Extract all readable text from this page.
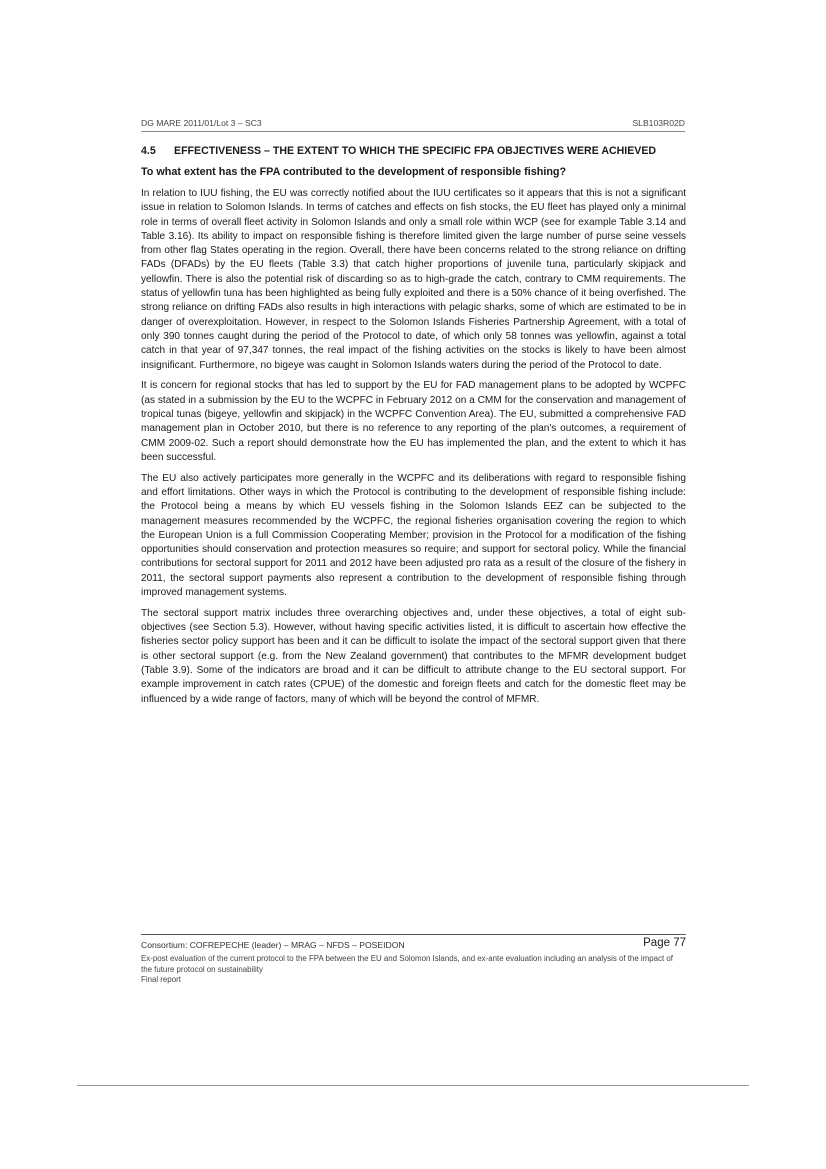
DG MARE 2011/01/Lot 3 – SC3	SLB103R02D
4.5 EFFECTIVENESS – THE EXTENT TO WHICH THE SPECIFIC FPA OBJECTIVES WERE ACHIEVED
To what extent has the FPA contributed to the development of responsible fishing?

In relation to IUU fishing, the EU was correctly notified about the IUU certificates so it appears that this is not a significant issue in relation to Solomon Islands. In terms of catches and effects on fish stocks, the EU fleet has played only a minimal role in terms of overall fleet activity in Solomon Islands and only a small role within WCP (see for example Table 3.14 and Table 3.16). Its ability to impact on responsible fishing is therefore limited given the large number of purse seine vessels from other flag States operating in the region. Overall, there have been concerns related to the strong reliance on drifting FADs (DFADs) by the EU fleets (Table 3.3) that catch higher proportions of juvenile tuna, particularly skipjack and yellowfin. There is also the potential risk of discarding so as to high-grade the catch, contrary to CMM requirements. The status of yellowfin tuna has been highlighted as being fully exploited and there is a 50% chance of it being overfished. The strong reliance on drifting FADs also results in high interactions with pelagic sharks, some of which are estimated to be in danger of overexploitation. However, in respect to the Solomon Islands Fisheries Partnership Agreement, with a total of only 390 tonnes caught during the period of the Protocol to date, of which only 58 tonnes was yellowfin, against a total catch in that year of 97,347 tonnes, the real impact of the fishing activities on the stocks is likely to have been almost insignificant. Furthermore, no bigeye was caught in Solomon Islands waters during the period of the Protocol to date.

It is concern for regional stocks that has led to support by the EU for FAD management plans to be adopted by WCPFC (as stated in a submission by the EU to the WCPFC in February 2012 on a CMM for the conservation and management of tropical tunas (bigeye, yellowfin and skipjack) in the WCPFC Convention Area). The EU, submitted a comprehensive FAD management plan in October 2010, but there is no reference to any reporting of the plan's outcomes, a requirement of CMM 2009-02. Such a report should demonstrate how the EU has implemented the plan, and the extent to which it has been successful.

The EU also actively participates more generally in the WCPFC and its deliberations with regard to responsible fishing and effort limitations. Other ways in which the Protocol is contributing to the development of responsible fishing include: the Protocol being a means by which EU vessels fishing in the Solomon Islands EEZ can be subjected to the management measures recommended by the WCPFC, the regional fisheries organisation covering the region to which the European Union is a full Commission Cooperating Member; provision in the Protocol for a modification of the fishing opportunities should conservation and protection measures so require; and support for sectoral policy. While the financial contributions for sectoral support for 2011 and 2012 have been adjusted pro rata as a result of the closure of the fishery in 2011, the sectoral support payments also represent a contribution to the development of responsible fishing through improved management systems.

The sectoral support matrix includes three overarching objectives and, under these objectives, a total of eight sub-objectives (see Section 5.3). However, without having specific activities listed, it is difficult to ascertain how effective the fisheries sector policy support has been and it can be difficult to isolate the impact of the sectoral support given that there is other sectoral support (e.g. from the New Zealand government) that contributes to the MFMR development budget (Table 3.9). Some of the indicators are broad and it can be difficult to attribute change to the EU sectoral support. For example improvement in catch rates (CPUE) of the domestic and foreign fleets and catch for the domestic fleet may be influenced by a wide range of factors, many of which will be beyond the control of MFMR.

Consortium: COFREPECHE (leader) – MRAG – NFDS – POSEIDON	Page 77
Ex-post evaluation of the current protocol to the FPA between the EU and Solomon Islands, and ex-ante evaluation including an analysis of the impact of the future protocol on sustainability
Final report
